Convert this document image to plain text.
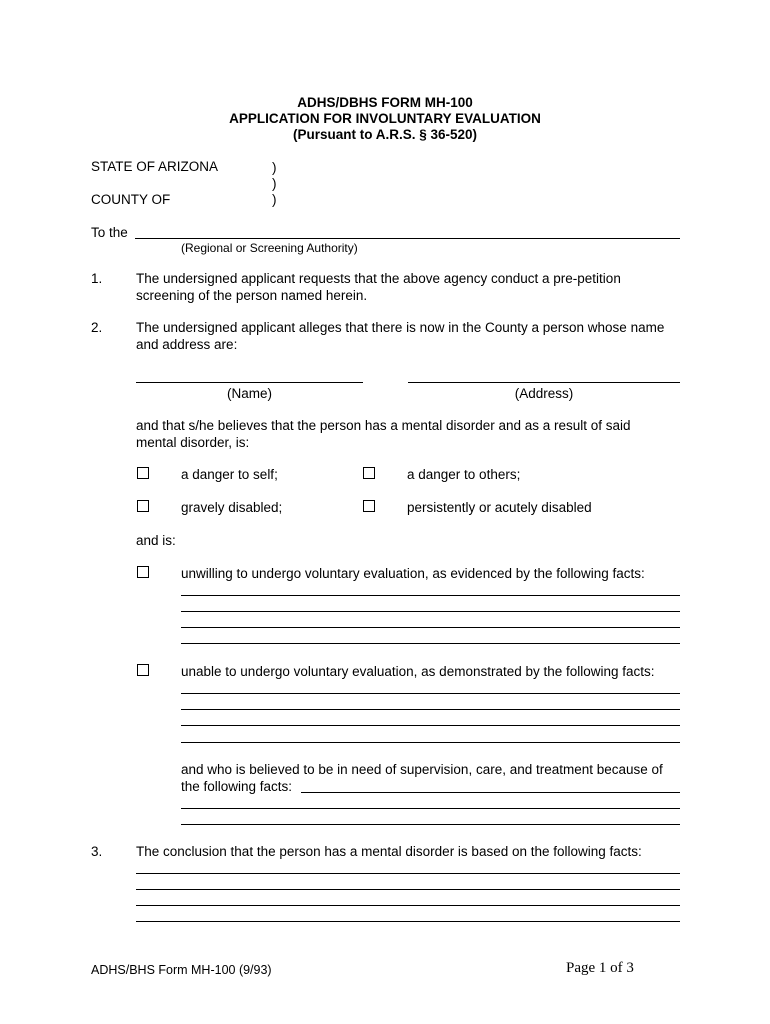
ADHS/DBHS FORM MH-100
APPLICATION FOR INVOLUNTARY EVALUATION
(Pursuant to A.R.S. § 36-520)
STATE OF ARIZONA	)
)
)
COUNTY OF
To the
(Regional or Screening Authority)
1. The undersigned applicant requests that the above agency conduct a pre-petition
screening of the person named herein.
2. The undersigned applicant alleges that there is now in the County a person whose name
and address are:
(Name)	(Address)
and that s/he believes that the person has a mental disorder and as a result of said
mental disorder, is:
a danger to self;	a danger to others;
gravely disabled;	persistently or acutely disabled
and is:
unwilling to undergo voluntary evaluation, as evidenced by the following facts:
unable to undergo voluntary evaluation, as demonstrated by the following facts:
and who is believed to be in need of supervision, care, and treatment because of
the following facts:
3. The conclusion that the person has a mental disorder is based on the following facts:
ADHS/BHS Form MH-100 (9/93)	Page 1 of 3
